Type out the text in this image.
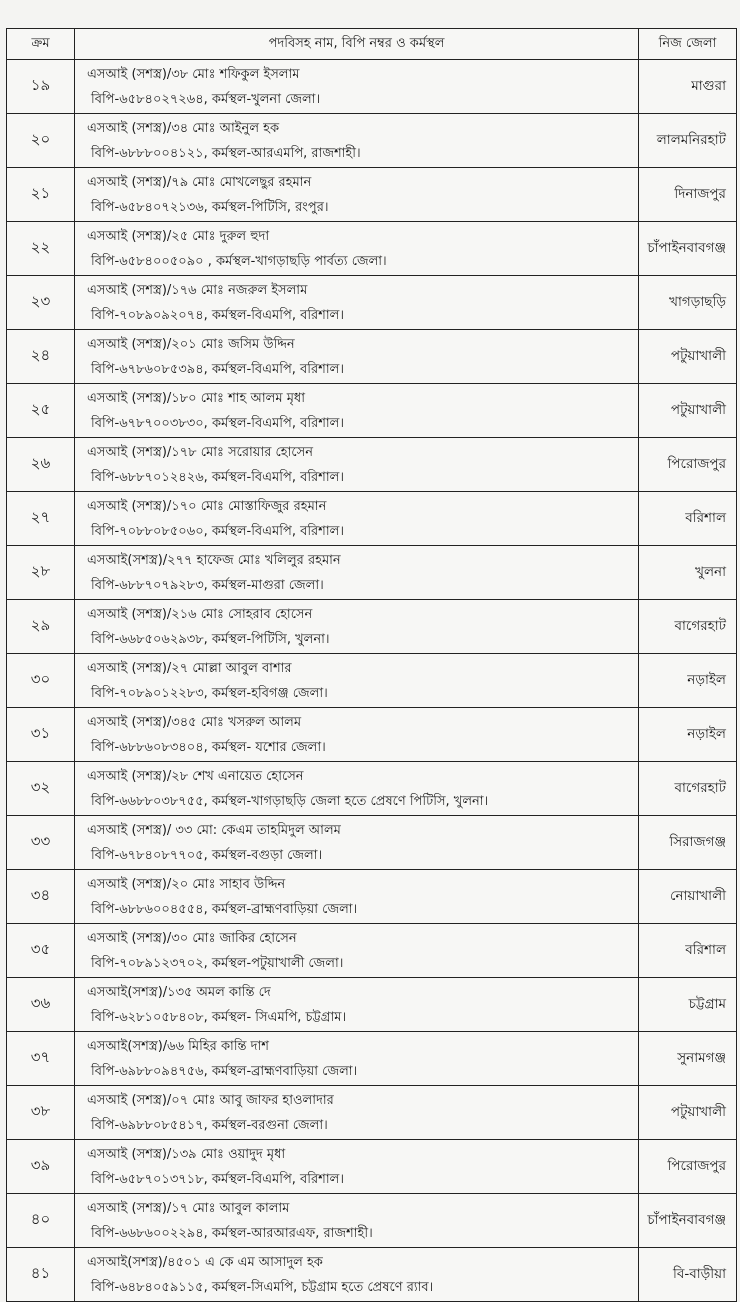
ক্রম	পদবিসহ নাম, বিপি নম্বর ও কর্মস্থল	নিজ জেলা
১৯	এসআই (সশস্ত্র)/৩৮ মোঃ শফিকুল ইসলাম
বিপি-৬৫৮৪০২৭২৬৪, কর্মস্থল-খুলনা জেলা।	মাগুরা
২০	এসআই (সশস্ত্র)/৩৪ মোঃ আইনুল হক
বিপি-৬৮৮৮০০৪১২১, কর্মস্থল-আরএমপি, রাজশাহী।	লালমনিরহাট
২১	এসআই (সশস্ত্র)/৭৯ মোঃ মোখলেছুর রহমান
বিপি-৬৫৮৪০৭২১৩৬, কর্মস্থল-পিটিসি, রংপুর।	দিনাজপুর
২২	এসআই (সশস্ত্র)/২৫ মোঃ দুরুল হুদা
বিপি-৬৫৮৪০০৫০৯০ , কর্মস্থল-খাগড়াছড়ি পার্বত্য জেলা।	চাঁপাইনবাবগঞ্জ
২৩	এসআই (সশস্ত্র)/১৭৬ মোঃ নজরুল ইসলাম
বিপি-৭০৮৯০৯২০৭৪, কর্মস্থল-বিএমপি, বরিশাল।	খাগড়াছড়ি
২৪	এসআই (সশস্ত্র)/২০১ মোঃ জসিম উদ্দিন
বিপি-৬৭৮৬০৮৫৩৯৪, কর্মস্থল-বিএমপি, বরিশাল।	পটুয়াখালী
২৫	এসআই (সশস্ত্র)/১৮০ মোঃ শাহ আলম মৃধা
বিপি-৬৭৮৭০০৩৮৩০, কর্মস্থল-বিএমপি, বরিশাল।	পটুয়াখালী
২৬	এসআই (সশস্ত্র)/১৭৮ মোঃ সরোয়ার হোসেন
বিপি-৬৮৮৭০১২৪২৬, কর্মস্থল-বিএমপি, বরিশাল।	পিরোজপুর
২৭	এসআই (সশস্ত্র)/১৭০ মোঃ মোস্তাফিজুর রহমান
বিপি-৭০৮৮০৮৫০৬০, কর্মস্থল-বিএমপি, বরিশাল।	বরিশাল
২৮	এসআই(সশস্ত্র)/২৭৭ হাফেজ মোঃ খলিলুর রহমান
বিপি-৬৮৮৭০৭৯২৮৩, কর্মস্থল-মাগুরা জেলা।	খুলনা
২৯	এসআই (সশস্ত্র)/২১৬ মোঃ সোহরাব হোসেন
বিপি-৬৬৮৫০৬২৯৩৮, কর্মস্থল-পিটিসি, খুলনা।	বাগেরহাট
৩০	এসআই (সশস্ত্র)/২৭ মোল্লা আবুল বাশার
বিপি-৭০৮৯০১২২৮৩, কর্মস্থল-হবিগঞ্জ জেলা।	নড়াইল
৩১	এসআই (সশস্ত্র)/৩৪৫ মোঃ খসরুল আলম
বিপি-৬৮৮৬০৮৩৪০৪, কর্মস্থল- যশোর জেলা।	নড়াইল
৩২	এসআই (সশস্ত্র)/২৮ শেখ এনায়েত হোসেন
বিপি-৬৬৮৮০৩৮৭৫৫, কর্মস্থল-খাগড়াছড়ি জেলা হতে প্রেষণে পিটিসি, খুলনা।	বাগেরহাট
৩৩	এসআই (সশস্ত্র)/ ৩৩ মো: কেএম তাহমিদুল আলম
বিপি-৬৭৮৪০৮৭৭০৫, কর্মস্থল-বগুড়া জেলা।	সিরাজগঞ্জ
৩৪	এসআই (সশস্ত্র)/২০ মোঃ সাহাব উদ্দিন
বিপি-৬৮৮৬০০৪৫৫৪, কর্মস্থল-ব্রাহ্মণবাড়িয়া জেলা।	নোয়াখালী
৩৫	এসআই (সশস্ত্র)/৩০ মোঃ জাকির হোসেন
বিপি-৭০৮৯১২৩৭০২, কর্মস্থল-পটুয়াখালী জেলা।	বরিশাল
৩৬	এসআই(সশস্ত্র)/১৩৫ অমল কান্তি দে
বিপি-৬২৮১০৫৮৪০৮, কর্মস্থল- সিএমপি, চট্টগ্রাম।	চট্টগ্রাম
৩৭	এসআই(সশস্ত্র)/৬৬ মিহির কান্তি দাশ
বিপি-৬৯৮৮০৯৪৭৫৬, কর্মস্থল-ব্রাহ্মণবাড়িয়া জেলা।	সুনামগঞ্জ
৩৮	এসআই (সশস্ত্র)/০৭ মোঃ আবু জাফর হাওলাদার
বিপি-৬৯৮৮০৮৫৪১৭, কর্মস্থল-বরগুনা জেলা।	পটুয়াখালী
৩৯	এসআই (সশস্ত্র)/১৩৯ মোঃ ওয়াদুদ মৃধা
বিপি-৬৫৮৭০১৩৭১৮, কর্মস্থল-বিএমপি, বরিশাল।	পিরোজপুর
৪০	এসআই (সশস্ত্র)/১৭ মোঃ আবুল কালাম
বিপি-৬৬৮৬০০২২৯৪, কর্মস্থল-আরআরএফ, রাজশাহী।	চাঁপাইনবাবগঞ্জ
৪১	এসআই(সশস্ত্র)/৪৫০১ এ কে এম আসাদুল হক
বিপি-৬৪৮৪০৫৯১১৫, কর্মস্থল-সিএমপি, চট্টগ্রাম হতে প্রেষণে র‍্যাব।	বি-বাড়ীয়া
